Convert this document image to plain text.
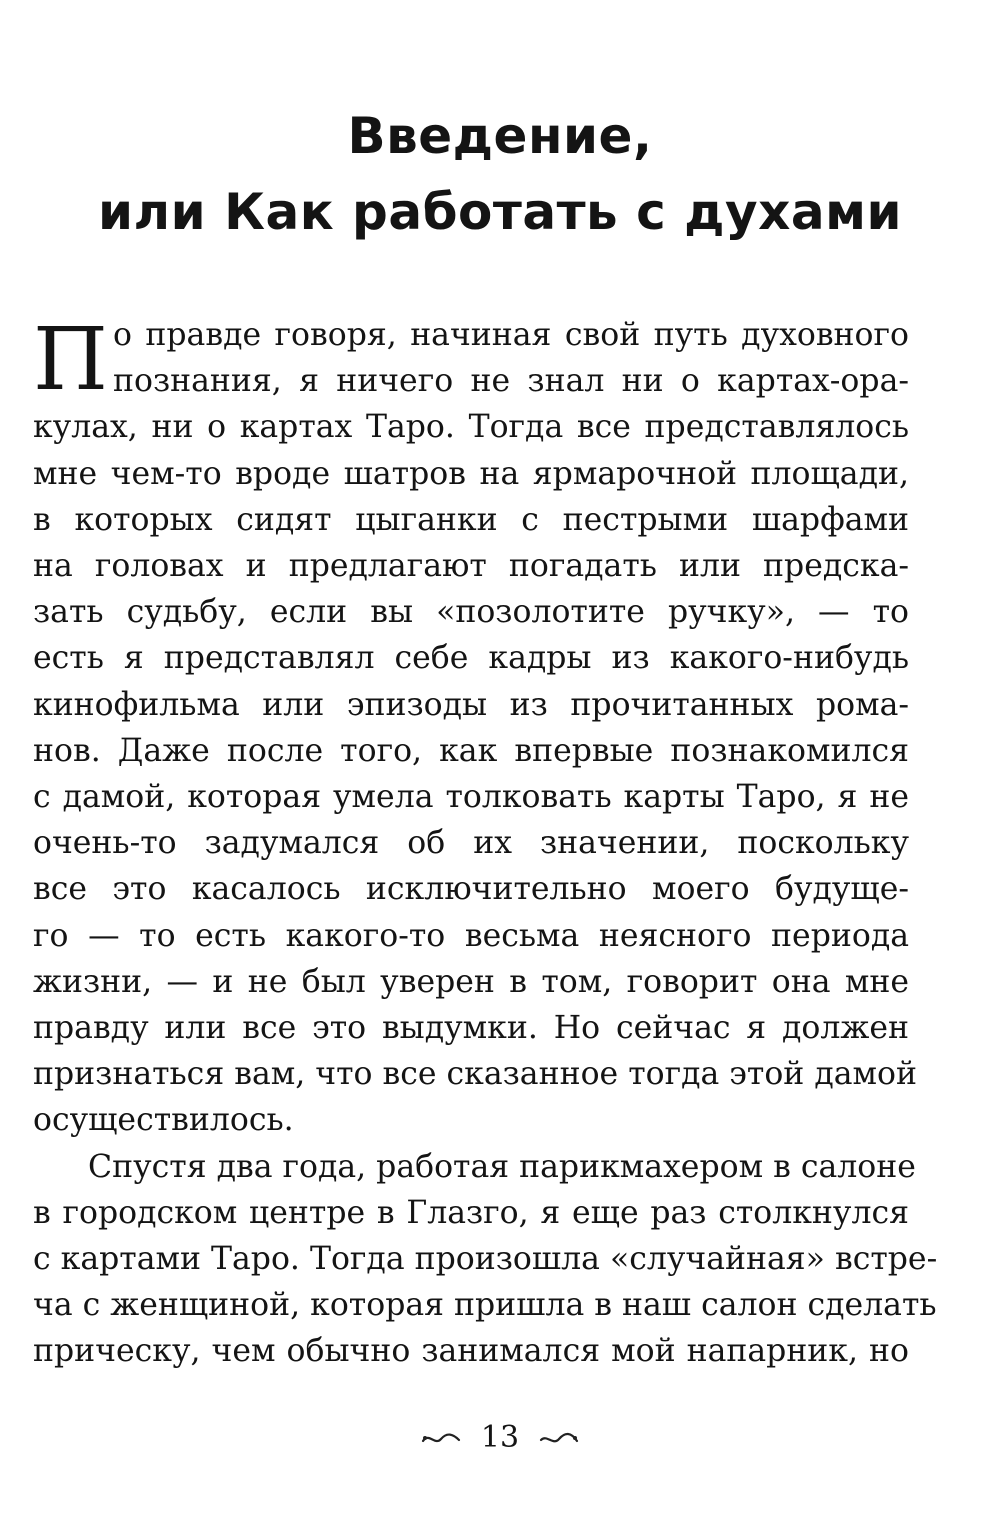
Введение,
или Как работать с духами
П о правде говоря, начиная свой путь духовного
познания, я ничего не знал ни о картах-ора-
кулах, ни о картах Таро. Тогда все представлялось
мне чем-то вроде шатров на ярмарочной площади,
в которых сидят цыганки с пестрыми шарфами
на головах и предлагают погадать или предска-
зать судьбу, если вы «позолотите ручку», — то
есть я представлял себе кадры из какого-нибудь
кинофильма или эпизоды из прочитанных рома-
нов. Даже после того, как впервые познакомился
с дамой, которая умела толковать карты Таро, я не
очень-то задумался об их значении, поскольку
все это касалось исключительно моего будуще-
го — то есть какого-то весьма неясного периода
жизни, — и не был уверен в том, говорит она мне
правду или все это выдумки. Но сейчас я должен
признаться вам, что все сказанное тогда этой дамой
осуществилось.
Спустя два года, работая парикмахером в салоне
в городском центре в Глазго, я еще раз столкнулся
с картами Таро. Тогда произошла «случайная» встре-
ча с женщиной, которая пришла в наш салон сделать
прическу, чем обычно занимался мой напарник, но
13
